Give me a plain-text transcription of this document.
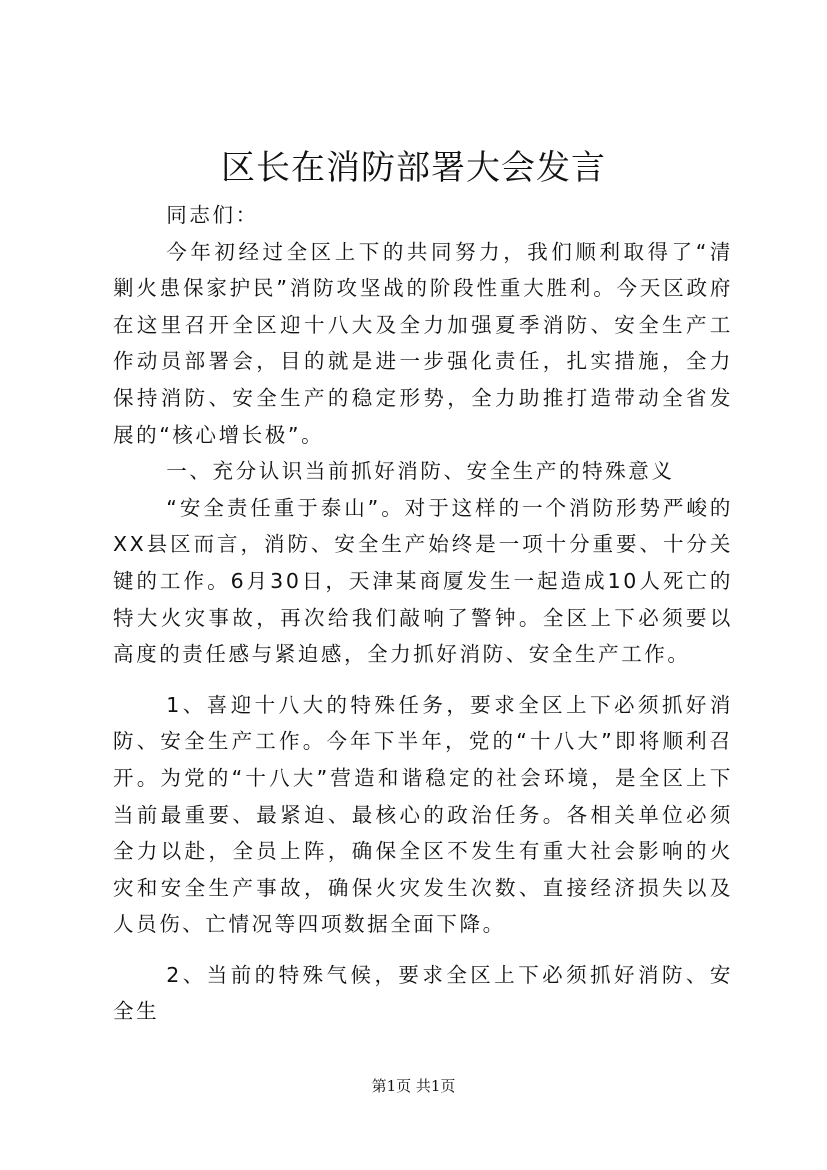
区长在消防部署大会发言

同志们：

今年初经过全区上下的共同努力，我们顺利取得了“清剿火患保家护民”消防攻坚战的阶段性重大胜利。今天区政府在这里召开全区迎十八大及全力加强夏季消防、安全生产工作动员部署会，目的就是进一步强化责任，扎实措施，全力保持消防、安全生产的稳定形势，全力助推打造带动全省发展的“核心增长极”。

一、充分认识当前抓好消防、安全生产的特殊意义

“安全责任重于泰山”。对于这样的一个消防形势严峻的XX县区而言，消防、安全生产始终是一项十分重要、十分关键的工作。6月30日，天津某商厦发生一起造成10人死亡的特大火灾事故，再次给我们敲响了警钟。全区上下必须要以高度的责任感与紧迫感，全力抓好消防、安全生产工作。

1、喜迎十八大的特殊任务，要求全区上下必须抓好消防、安全生产工作。今年下半年，党的“十八大”即将顺利召开。为党的“十八大”营造和谐稳定的社会环境，是全区上下当前最重要、最紧迫、最核心的政治任务。各相关单位必须全力以赴，全员上阵，确保全区不发生有重大社会影响的火灾和安全生产事故，确保火灾发生次数、直接经济损失以及人员伤、亡情况等四项数据全面下降。

2、当前的特殊气候，要求全区上下必须抓好消防、安全生

第1页 共1页
